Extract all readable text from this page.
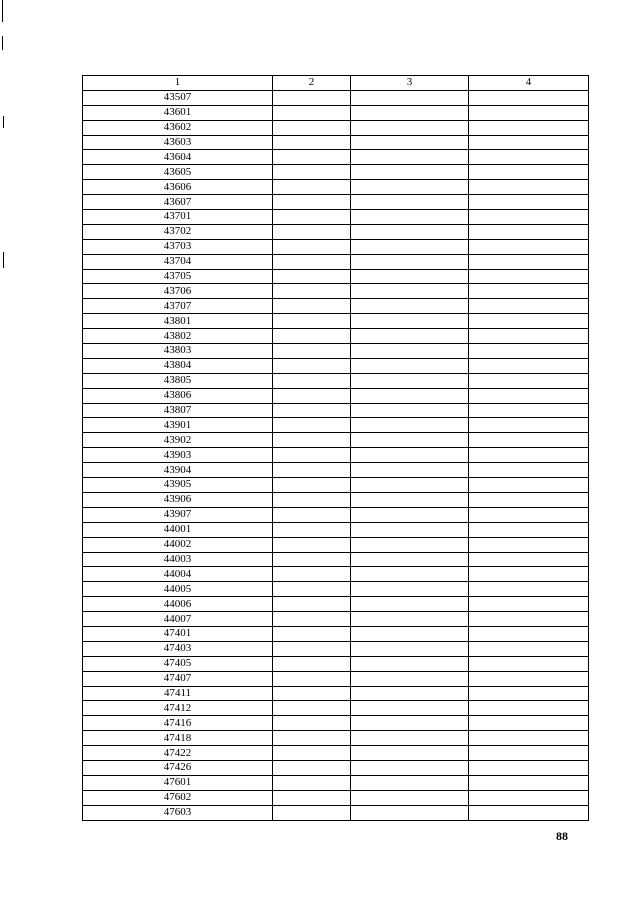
1	2	3	4
43507			
43601			
43602			
43603			
43604			
43605			
43606			
43607			
43701			
43702			
43703			
43704			
43705			
43706			
43707			
43801			
43802			
43803			
43804			
43805			
43806			
43807			
43901			
43902			
43903			
43904			
43905			
43906			
43907			
44001			
44002			
44003			
44004			
44005			
44006			
44007			
47401			
47403			
47405			
47407			
47411			
47412			
47416			
47418			
47422			
47426			
47601			
47602			
47603			
88
